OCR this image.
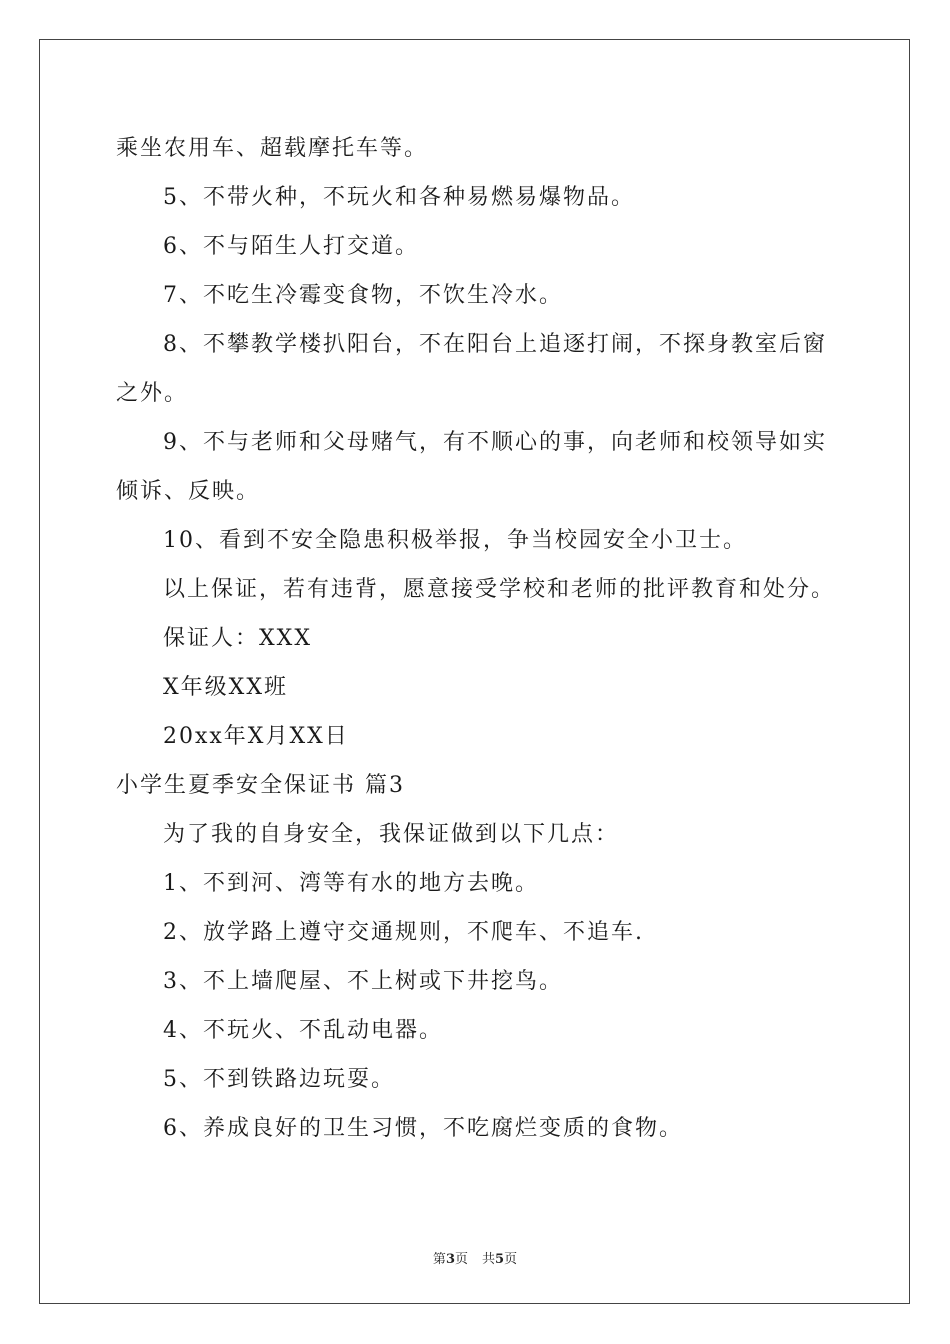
乘坐农用车、超载摩托车等。
5、不带火种，不玩火和各种易燃易爆物品。
6、不与陌生人打交道。
7、不吃生冷霉变食物，不饮生冷水。
8、不攀教学楼扒阳台，不在阳台上追逐打闹，不探身教室后窗
之外。
9、不与老师和父母赌气，有不顺心的事，向老师和校领导如实
倾诉、反映。
10、看到不安全隐患积极举报，争当校园安全小卫士。
以上保证，若有违背，愿意接受学校和老师的批评教育和处分。
保证人：XXX
X年级XX班
20xx年X月XX日
小学生夏季安全保证书 篇3
为了我的自身安全，我保证做到以下几点：
1、不到河、湾等有水的地方去晚。
2、放学路上遵守交通规则，不爬车、不追车.
3、不上墙爬屋、不上树或下井挖鸟。
4、不玩火、不乱动电器。
5、不到铁路边玩耍。
6、养成良好的卫生习惯，不吃腐烂变质的食物。
第3页 共5页
